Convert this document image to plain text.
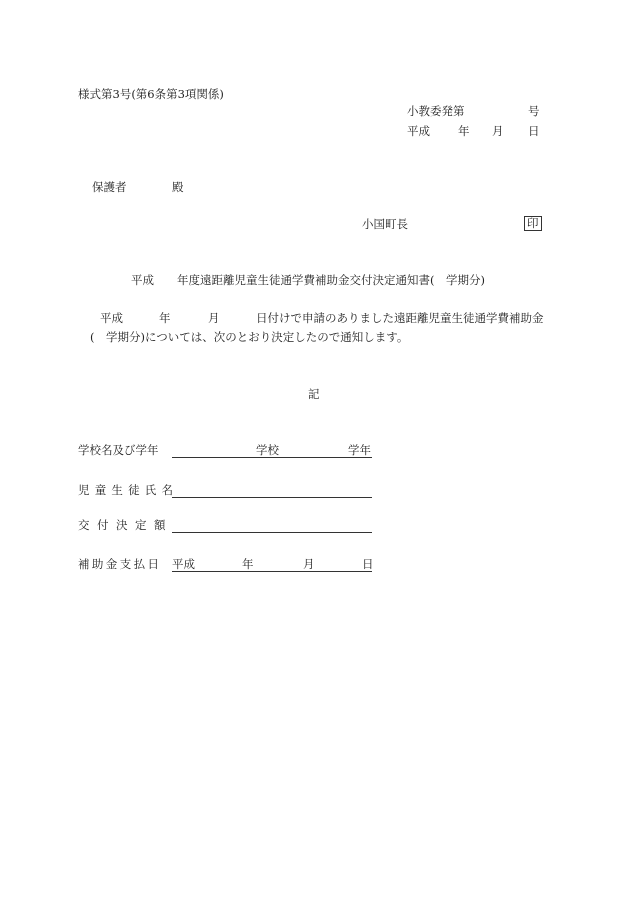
様式第3号(第6条第3項関係)
小教委発第	号
平成 年 月 日
保護者	殿
小国町長	印
平成 年度遠距離児童生徒通学費補助金交付決定通知書(　学期分)
平成	年	月	日付けで申請のありました遠距離児童生徒通学費補助金
(　学期分)については、次のとおり決定したので通知します。
記
学校名及び学年	学校	学年
児童生徒氏名
交付決定額
補助金支払日 平成	年	月	日
